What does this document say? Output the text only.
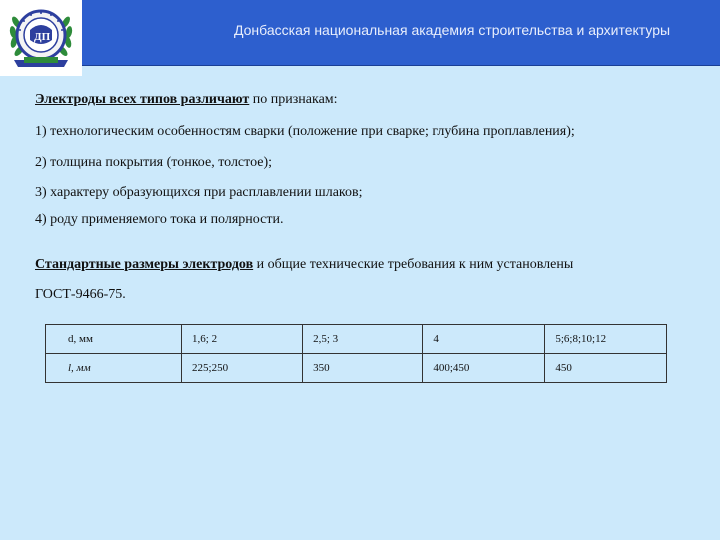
ДП	Донбасская национальная академия строительства и архитектуры
Электроды всех типов различают по признакам:
1) технологическим особенностям сварки (положение при сварке; глубина проплавления);
2) толщина покрытия (тонкое, толстое);
3) характеру образующихся при расплавлении шлаков;
4) роду применяемого тока и полярности.
Стандартные размеры электродов и общие технические требования к ним установлены
ГОСТ-9466-75.
d, мм	1,6; 2	2,5; 3	4	5;6;8;10;12
l, мм	225;250	350	400;450	450
